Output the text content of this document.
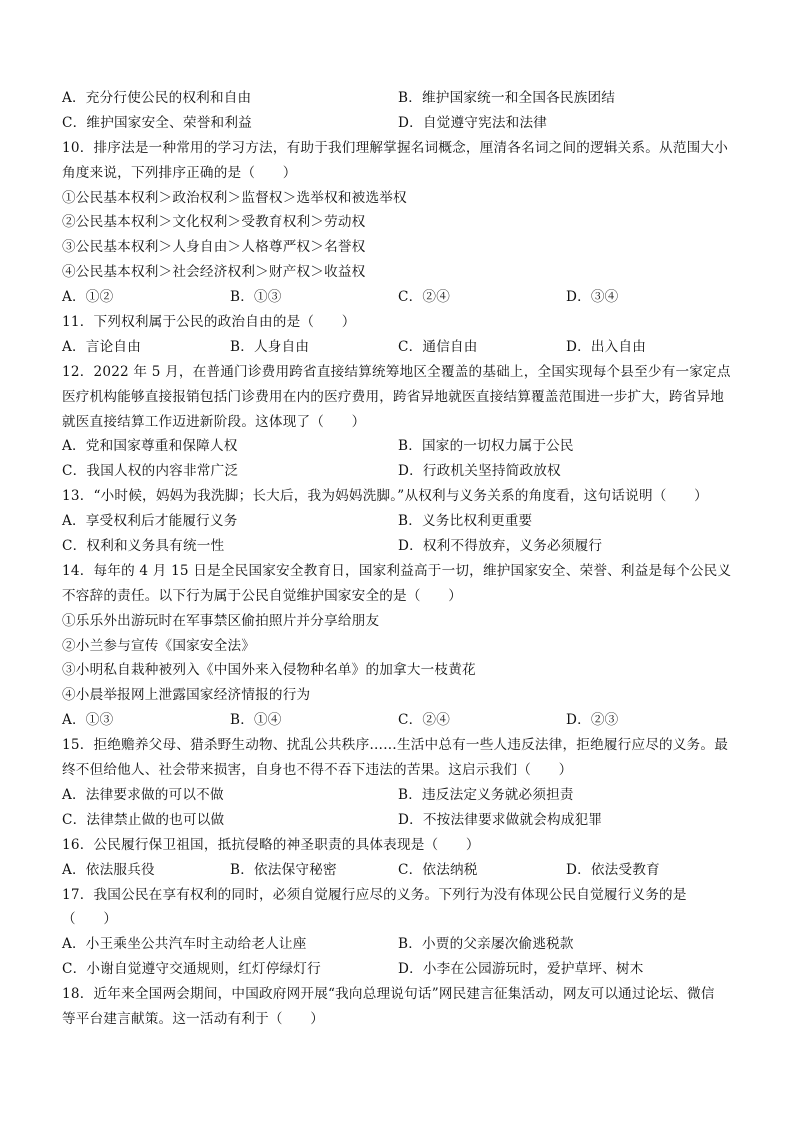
A．充分行使公民的权利和自由	B．维护国家统一和全国各民族团结
C．维护国家安全、荣誉和利益	D．自觉遵守宪法和法律
10．排序法是一种常用的学习方法，有助于我们理解掌握名词概念，厘清各名词之间的逻辑关系。从范围大小
角度来说，下列排序正确的是（　　）
①公民基本权利＞政治权利＞监督权＞选举权和被选举权
②公民基本权利＞文化权利＞受教育权利＞劳动权
③公民基本权利＞人身自由＞人格尊严权＞名誉权
④公民基本权利＞社会经济权利＞财产权＞收益权
A．①②	B．①③	C．②④	D．③④
11．下列权利属于公民的政治自由的是（　　）
A．言论自由	B．人身自由	C．通信自由	D．出入自由
12．2022 年 5 月，在普通门诊费用跨省直接结算统筹地区全覆盖的基础上，全国实现每个县至少有一家定点
医疗机构能够直接报销包括门诊费用在内的医疗费用，跨省异地就医直接结算覆盖范围进一步扩大，跨省异地
就医直接结算工作迈进新阶段。这体现了（　　）
A．党和国家尊重和保障人权	B．国家的一切权力属于公民
C．我国人权的内容非常广泛	D．行政机关坚持简政放权
13．“小时候，妈妈为我洗脚；长大后，我为妈妈洗脚。”从权利与义务关系的角度看，这句话说明（　　）
A．享受权利后才能履行义务	B．义务比权利更重要
C．权利和义务具有统一性	D．权利不得放弃，义务必须履行
14．每年的 4 月 15 日是全民国家安全教育日，国家利益高于一切，维护国家安全、荣誉、利益是每个公民义
不容辞的责任。以下行为属于公民自觉维护国家安全的是（　　）
①乐乐外出游玩时在军事禁区偷拍照片并分享给朋友
②小兰参与宣传《国家安全法》
③小明私自栽种被列入《中国外来入侵物种名单》的加拿大一枝黄花
④小晨举报网上泄露国家经济情报的行为
A．①③	B．①④	C．②④	D．②③
15．拒绝赡养父母、猎杀野生动物、扰乱公共秩序……生活中总有一些人违反法律，拒绝履行应尽的义务。最
终不但给他人、社会带来损害，自身也不得不吞下违法的苦果。这启示我们（　　）
A．法律要求做的可以不做	B．违反法定义务就必须担责
C．法律禁止做的也可以做	D．不按法律要求做就会构成犯罪
16．公民履行保卫祖国，抵抗侵略的神圣职责的具体表现是（　　）
A．依法服兵役	B．依法保守秘密	C．依法纳税	D．依法受教育
17．我国公民在享有权利的同时，必须自觉履行应尽的义务。下列行为没有体现公民自觉履行义务的是
（　　）
A．小王乘坐公共汽车时主动给老人让座	B．小贾的父亲屡次偷逃税款
C．小谢自觉遵守交通规则，红灯停绿灯行	D．小李在公园游玩时，爱护草坪、树木
18．近年来全国两会期间，中国政府网开展“我向总理说句话”网民建言征集活动，网友可以通过论坛、微信
等平台建言献策。这一活动有利于（　　）
